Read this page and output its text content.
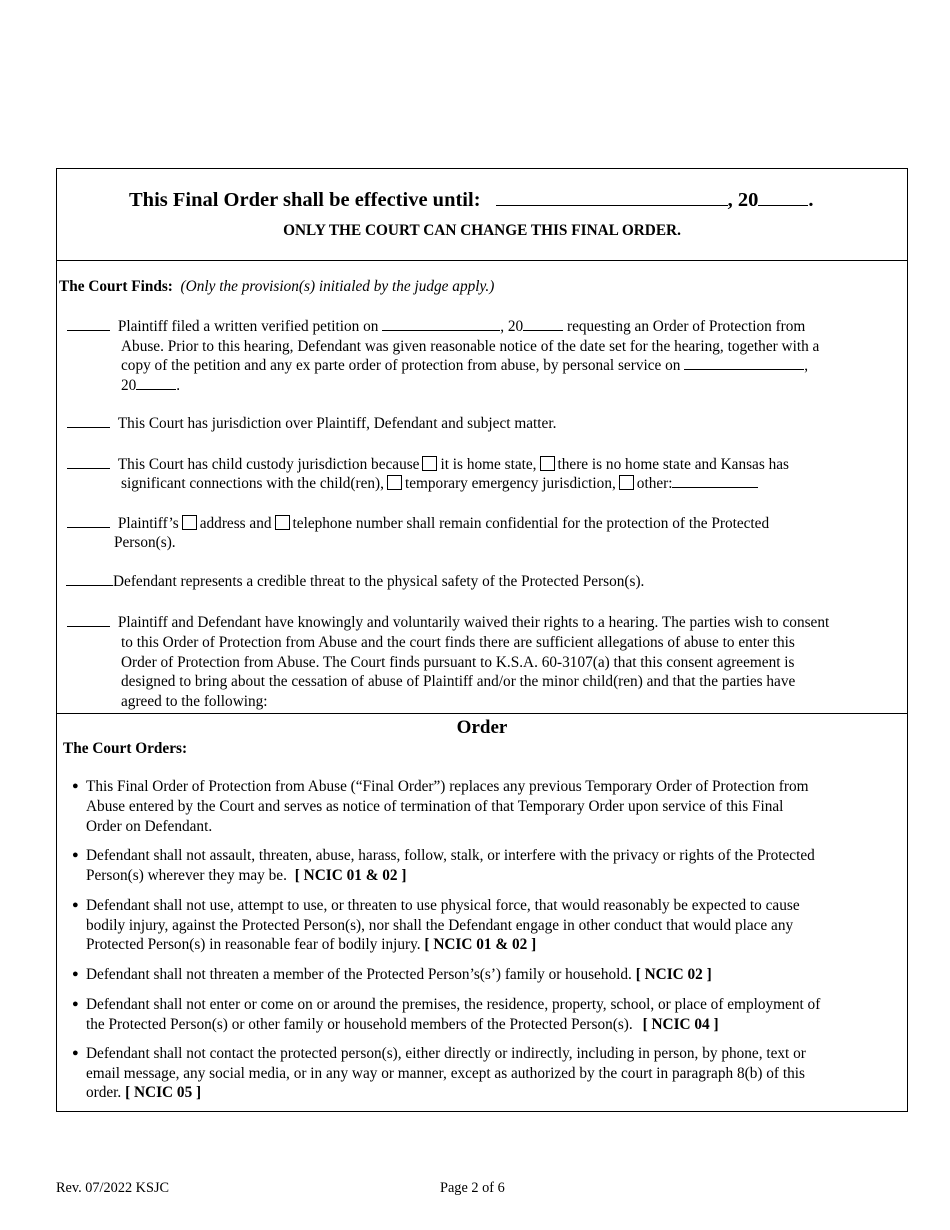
This Final Order shall be effective until:	, 20 .
ONLY THE COURT CAN CHANGE THIS FINAL ORDER.
The Court Finds: (Only the provision(s) initialed by the judge apply.)
Plaintiff filed a written verified petition on	, 20	requesting an Order of Protection from
Abuse. Prior to this hearing, Defendant was given reasonable notice of the date set for the hearing, together with a
copy of the petition and any ex parte order of protection from abuse, by personal service on	,
20	.
This Court has jurisdiction over Plaintiff, Defendant and subject matter.
This Court has child custody jurisdiction because it is home state, there is no home state and Kansas has
significant connections with the child(ren), temporary emergency jurisdiction, other:
Plaintiff’s address and telephone number shall remain confidential for the protection of the Protected
Person(s).
Defendant represents a credible threat to the physical safety of the Protected Person(s).
Plaintiff and Defendant have knowingly and voluntarily waived their rights to a hearing. The parties wish to consent
to this Order of Protection from Abuse and the court finds there are sufficient allegations of abuse to enter this
Order of Protection from Abuse. The Court finds pursuant to K.S.A. 60-3107(a) that this consent agreement is
designed to bring about the cessation of abuse of Plaintiff and/or the minor child(ren) and that the parties have
agreed to the following:
Order
The Court Orders:
● This Final Order of Protection from Abuse (“Final Order”) replaces any previous Temporary Order of Protection from
Abuse entered by the Court and serves as notice of termination of that Temporary Order upon service of this Final
Order on Defendant.
● Defendant shall not assault, threaten, abuse, harass, follow, stalk, or interfere with the privacy or rights of the Protected
Person(s) wherever they may be. [ NCIC 01 & 02 ]
● Defendant shall not use, attempt to use, or threaten to use physical force, that would reasonably be expected to cause
bodily injury, against the Protected Person(s), nor shall the Defendant engage in other conduct that would place any
Protected Person(s) in reasonable fear of bodily injury. [ NCIC 01 & 02 ]
● Defendant shall not threaten a member of the Protected Person’s(s’) family or household. [ NCIC 02 ]
● Defendant shall not enter or come on or around the premises, the residence, property, school, or place of employment of
the Protected Person(s) or other family or household members of the Protected Person(s). [ NCIC 04 ]
● Defendant shall not contact the protected person(s), either directly or indirectly, including in person, by phone, text or
email message, any social media, or in any way or manner, except as authorized by the court in paragraph 8(b) of this
order. [ NCIC 05 ]
Rev. 07/2022 KSJC	Page 2 of 6
